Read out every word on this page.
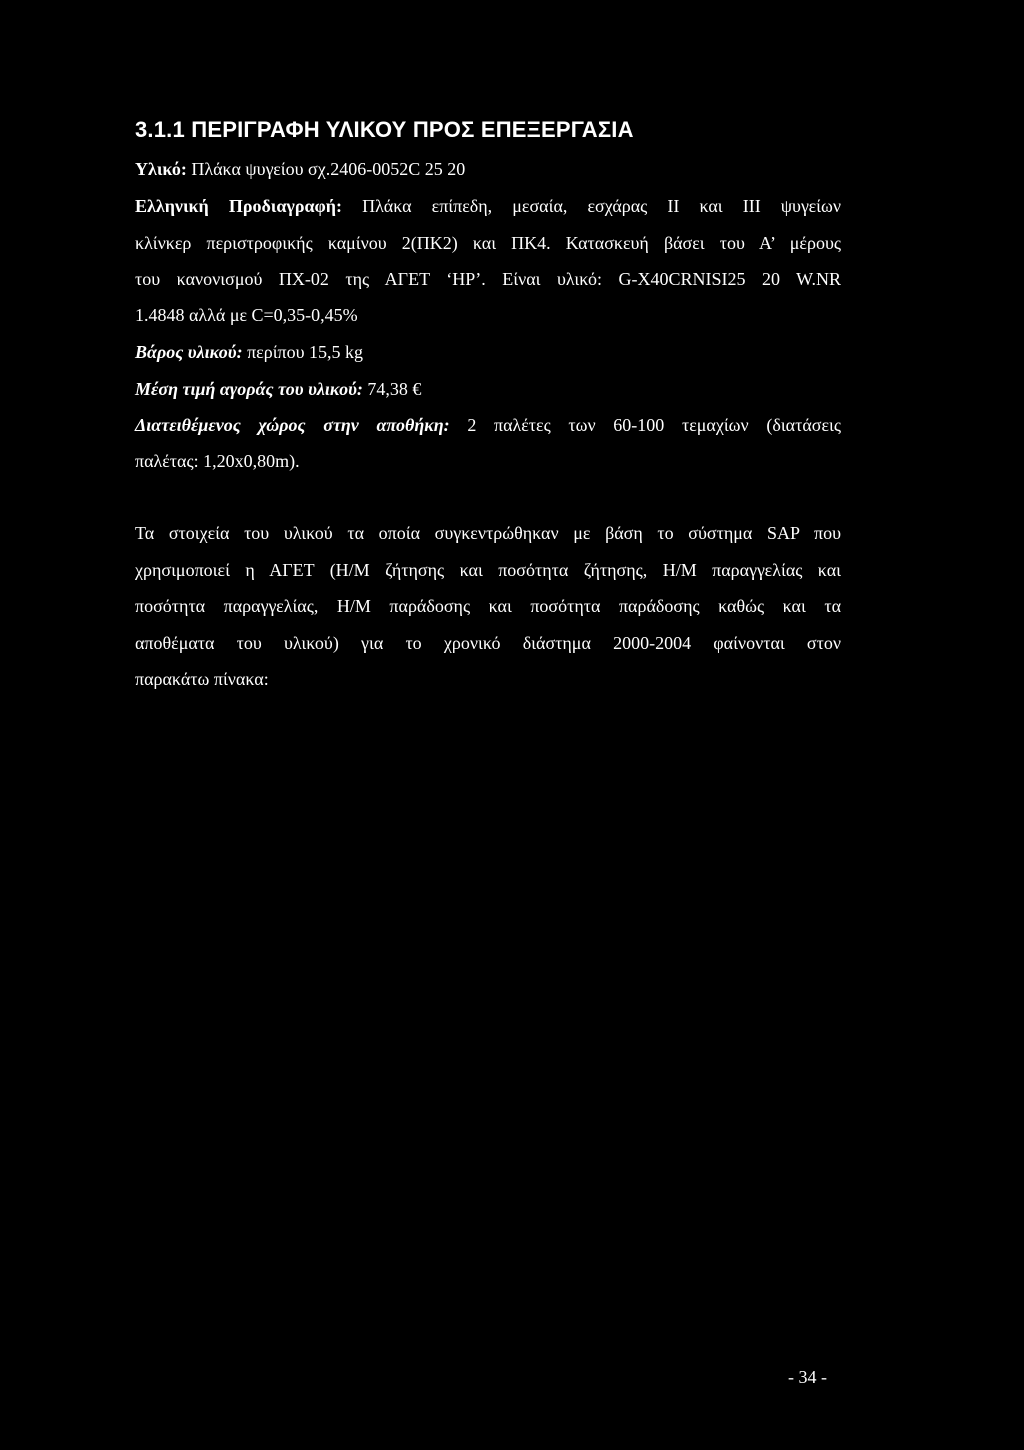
3.1.1 ΠΕΡΙΓΡΑΦΗ ΥΛΙΚΟΥ ΠΡΟΣ ΕΠΕΞΕΡΓΑΣΙΑ
Υλικό: Πλάκα ψυγείου σχ.2406-0052C 25 20
Ελληνική Προδιαγραφή: Πλάκα επίπεδη, μεσαία, εσχάρας II και III ψυγείων
κλίνκερ περιστροφικής καμίνου 2(ΠΚ2) και ΠΚ4. Κατασκευή βάσει του Α’ μέρους
του κανονισμού ΠΧ-02 της ΑΓΕΤ ‘ΗΡ’. Είναι υλικό: G-X40CRNISI25 20 W.NR
1.4848 αλλά με C=0,35-0,45%
Βάρος υλικού: περίπου 15,5 kg
Μέση τιμή αγοράς του υλικού: 74,38 €
Διατειθέμενος χώρος στην αποθήκη: 2 παλέτες των 60-100 τεμαχίων (διατάσεις
παλέτας: 1,20x0,80m).
Τα στοιχεία του υλικού τα οποία συγκεντρώθηκαν με βάση το σύστημα SAP που
χρησιμοποιεί η ΑΓΕΤ (Η/Μ ζήτησης και ποσότητα ζήτησης, Η/Μ παραγγελίας και
ποσότητα παραγγελίας, Η/Μ παράδοσης και ποσότητα παράδοσης καθώς και τα
αποθέματα του υλικού) για το χρονικό διάστημα 2000-2004 φαίνονται στον
παρακάτω πίνακα:
- 34 -
